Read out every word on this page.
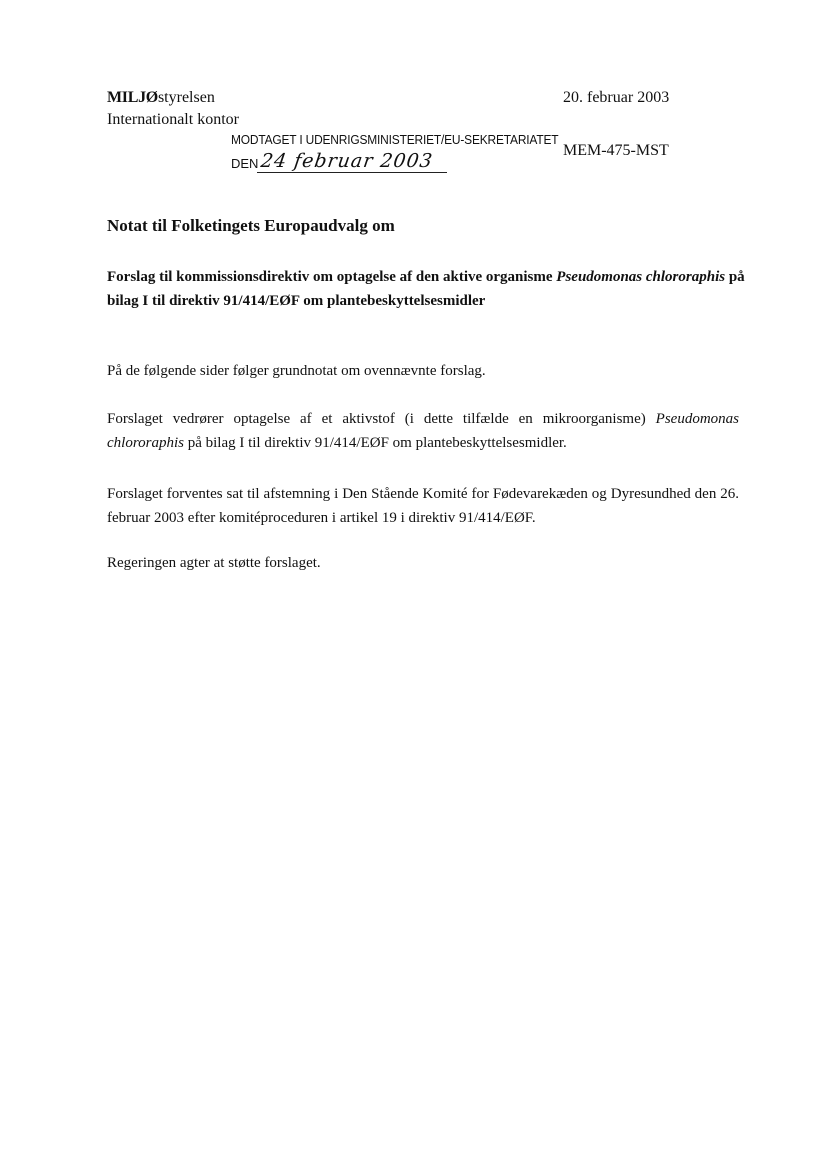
MILJØstyrelsen	20. februar 2003
Internationalt kontor
MODTAGET I UDENRIGSMINISTERIET/EU-SEKRETARIATET
DEN 24 februar 2003	MEM-475-MST
Notat til Folketingets Europaudvalg om
Forslag til kommissionsdirektiv om optagelse af den aktive organisme Pseudomonas chlororaphis på bilag I til direktiv 91/414/EØF om plantebeskyttelsesmidler
På de følgende sider følger grundnotat om ovennævnte forslag.
Forslaget vedrører optagelse af et aktivstof (i dette tilfælde en mikroorganisme) Pseudomonas chlororaphis på bilag I til direktiv 91/414/EØF om plantebeskyttelsesmidler.
Forslaget forventes sat til afstemning i Den Stående Komité for Fødevarekæden og Dyresundhed den 26. februar 2003 efter komitéproceduren i artikel 19 i direktiv 91/414/EØF.
Regeringen agter at støtte forslaget.
